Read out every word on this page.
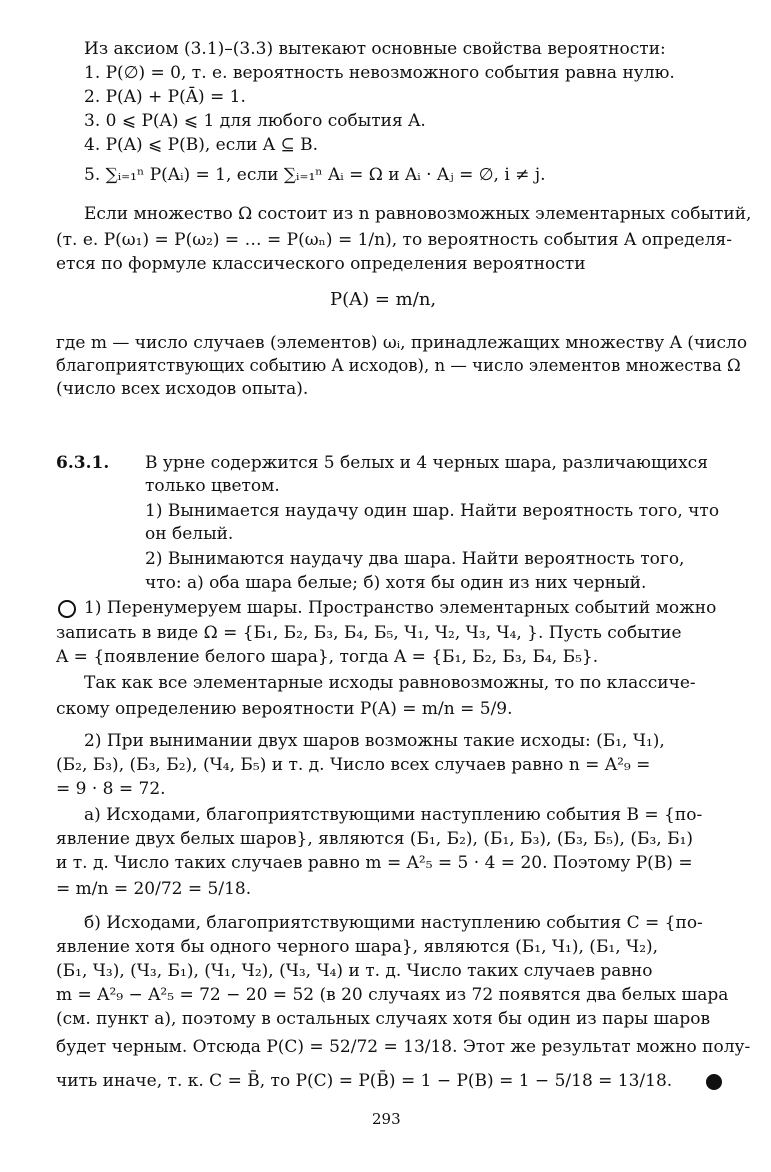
Из аксиом (3.1)–(3.3) вытекают основные свойства вероятности:
1. P(∅) = 0, т. е. вероятность невозможного события равна нулю.
2. P(A) + P(Ā) = 1.
3. 0 ⩽ P(A) ⩽ 1 для любого события A.
4. P(A) ⩽ P(B), если A ⊆ B.
5. ∑ᵢ₌₁ⁿ P(Aᵢ) = 1, если ∑ᵢ₌₁ⁿ Aᵢ = Ω и Aᵢ · Aⱼ = ∅, i ≠ j.
Если множество Ω состоит из n равновозможных элементарных событий,
(т. е. P(ω₁) = P(ω₂) = … = P(ωₙ) = 1/n), то вероятность события A определя-
ется по формуле классического определения вероятности
P(A) = m/n,
где m — число случаев (элементов) ωᵢ, принадлежащих множеству A (число
благоприятствующих событию A исходов), n — число элементов множества Ω
(число всех исходов опыта).
6.3.1. В урне содержится 5 белых и 4 черных шара, различающихся
только цветом.
1) Вынимается наудачу один шар. Найти вероятность того, что
он белый.
2) Вынимаются наудачу два шара. Найти вероятность того,
что: а) оба шара белые; б) хотя бы один из них черный.
1) Перенумеруем шары. Пространство элементарных событий можно
записать в виде Ω = {Б₁, Б₂, Б₃, Б₄, Б₅, Ч₁, Ч₂, Ч₃, Ч₄, }. Пусть событие
A = {появление белого шара}, тогда A = {Б₁, Б₂, Б₃, Б₄, Б₅}.
Так как все элементарные исходы равновозможны, то по классиче-
скому определению вероятности P(A) = m/n = 5/9.
2) При вынимании двух шаров возможны такие исходы: (Б₁, Ч₁),
(Б₂, Б₃), (Б₃, Б₂), (Ч₄, Б₅) и т. д. Число всех случаев равно n = A²₉ =
= 9 · 8 = 72.
а) Исходами, благоприятствующими наступлению события B = {по-
явление двух белых шаров}, являются (Б₁, Б₂), (Б₁, Б₃), (Б₃, Б₅), (Б₃, Б₁)
и т. д. Число таких случаев равно m = A²₅ = 5 · 4 = 20. Поэтому P(B) =
= m/n = 20/72 = 5/18.
б) Исходами, благоприятствующими наступлению события C = {по-
явление хотя бы одного черного шара}, являются (Б₁, Ч₁), (Б₁, Ч₂),
(Б₁, Ч₃), (Ч₃, Б₁), (Ч₁, Ч₂), (Ч₃, Ч₄) и т. д. Число таких случаев равно
m = A²₉ − A²₅ = 72 − 20 = 52 (в 20 случаях из 72 появятся два белых шара
(см. пункт a), поэтому в остальных случаях хотя бы один из пары шаров
будет черным. Отсюда P(C) = 52/72 = 13/18. Этот же результат можно полу-
чить иначе, т. к. C = B̄, то P(C) = P(B̄) = 1 − P(B) = 1 − 5/18 = 13/18.
293
